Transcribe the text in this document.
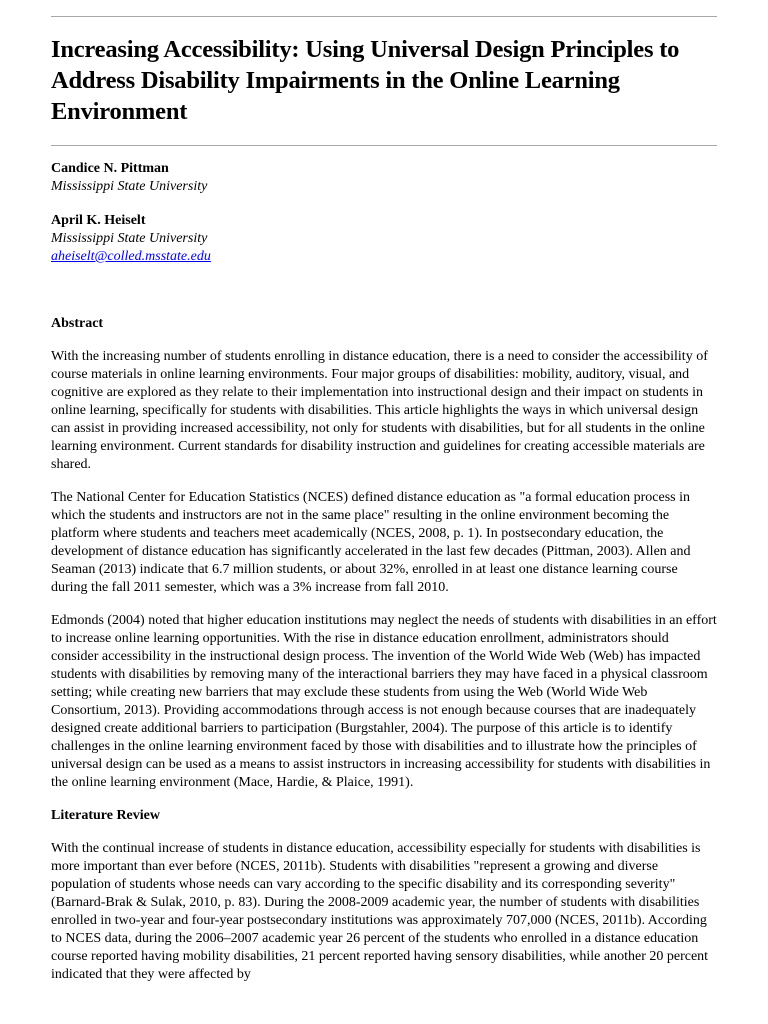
Increasing Accessibility: Using Universal Design Principles to Address Disability Impairments in the Online Learning Environment
Candice N. Pittman
Mississippi State University
April K. Heiselt
Mississippi State University
aheiselt@colled.msstate.edu
Abstract

With the increasing number of students enrolling in distance education, there is a need to consider the accessibility of course materials in online learning environments. Four major groups of disabilities: mobility, auditory, visual, and cognitive are explored as they relate to their implementation into instructional design and their impact on students in online learning, specifically for students with disabilities. This article highlights the ways in which universal design can assist in providing increased accessibility, not only for students with disabilities, but for all students in the online learning environment. Current standards for disability instruction and guidelines for creating accessible materials are shared.

The National Center for Education Statistics (NCES) defined distance education as "a formal education process in which the students and instructors are not in the same place" resulting in the online environment becoming the platform where students and teachers meet academically (NCES, 2008, p. 1). In postsecondary education, the development of distance education has significantly accelerated in the last few decades (Pittman, 2003). Allen and Seaman (2013) indicate that 6.7 million students, or about 32%, enrolled in at least one distance learning course during the fall 2011 semester, which was a 3% increase from fall 2010.

Edmonds (2004) noted that higher education institutions may neglect the needs of students with disabilities in an effort to increase online learning opportunities. With the rise in distance education enrollment, administrators should consider accessibility in the instructional design process. The invention of the World Wide Web (Web) has impacted students with disabilities by removing many of the interactional barriers they may have faced in a physical classroom setting; while creating new barriers that may exclude these students from using the Web (World Wide Web Consortium, 2013). Providing accommodations through access is not enough because courses that are inadequately designed create additional barriers to participation (Burgstahler, 2004). The purpose of this article is to identify challenges in the online learning environment faced by those with disabilities and to illustrate how the principles of universal design can be used as a means to assist instructors in increasing accessibility for students with disabilities in the online learning environment (Mace, Hardie, & Plaice, 1991).

Literature Review

With the continual increase of students in distance education, accessibility especially for students with disabilities is more important than ever before (NCES, 2011b). Students with disabilities "represent a growing and diverse population of students whose needs can vary according to the specific disability and its corresponding severity" (Barnard-Brak & Sulak, 2010, p. 83). During the 2008-2009 academic year, the number of students with disabilities enrolled in two-year and four-year postsecondary institutions was approximately 707,000 (NCES, 2011b). According to NCES data, during the 2006–2007 academic year 26 percent of the students who enrolled in a distance education course reported having mobility disabilities, 21 percent reported having sensory disabilities, while another 20 percent indicated that they were affected by
